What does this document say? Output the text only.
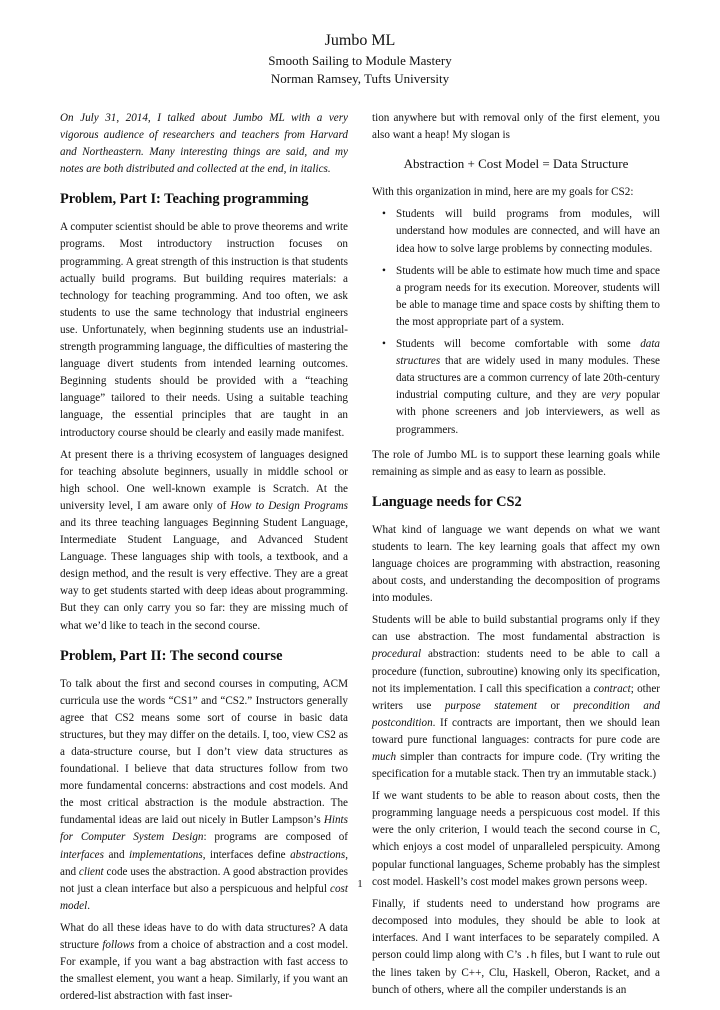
Jumbo ML
Smooth Sailing to Module Mastery
Norman Ramsey, Tufts University

On July 31, 2014, I talked about Jumbo ML with a very vigorous audience of researchers and teachers from Harvard and Northeastern. Many interesting things are said, and my notes are both distributed and collected at the end, in italics.

Problem, Part I: Teaching programming

A computer scientist should be able to prove theorems and write programs. Most introductory instruction focuses on programming. A great strength of this instruction is that students actually build programs. But building requires materials: a technology for teaching programming. And too often, we ask students to use the same technology that industrial engineers use. Unfortunately, when beginning students use an industrial-strength programming language, the difficulties of mastering the language divert students from intended learning outcomes. Beginning students should be provided with a “teaching language” tailored to their needs. Using a suitable teaching language, the essential principles that are taught in an introductory course should be clearly and easily made manifest.

At present there is a thriving ecosystem of languages designed for teaching absolute beginners, usually in middle school or high school. One well-known example is Scratch. At the university level, I am aware only of How to Design Programs and its three teaching languages Beginning Student Language, Intermediate Student Language, and Advanced Student Language. These languages ship with tools, a textbook, and a design method, and the result is very effective. They are a great way to get students started with deep ideas about programming. But they can only carry you so far: they are missing much of what we’d like to teach in the second course.

Problem, Part II: The second course

To talk about the first and second courses in computing, ACM curricula use the words “CS1” and “CS2.” Instructors generally agree that CS2 means some sort of course in basic data structures, but they may differ on the details. I, too, view CS2 as a data-structure course, but I don’t view data structures as foundational. I believe that data structures follow from two more fundamental concerns: abstractions and cost models. And the most critical abstraction is the module abstraction. The fundamental ideas are laid out nicely in Butler Lampson’s Hints for Computer System Design: programs are composed of interfaces and implementations, interfaces define abstractions, and client code uses the abstraction. A good abstraction provides not just a clean interface but also a perspicuous and helpful cost model.

What do all these ideas have to do with data structures? A data structure follows from a choice of abstraction and a cost model. For example, if you want a bag abstraction with fast access to the smallest element, you want a heap. Similarly, if you want an ordered-list abstraction with fast inser-

tion anywhere but with removal only of the first element, you also want a heap! My slogan is

Abstraction + Cost Model = Data Structure

With this organization in mind, here are my goals for CS2:

• Students will build programs from modules, will understand how modules are connected, and will have an idea how to solve large problems by connecting modules.
• Students will be able to estimate how much time and space a program needs for its execution. Moreover, students will be able to manage time and space costs by shifting them to the most appropriate part of a system.
• Students will become comfortable with some data structures that are widely used in many modules. These data structures are a common currency of late 20th-century industrial computing culture, and they are very popular with phone screeners and job interviewers, as well as programmers.

The role of Jumbo ML is to support these learning goals while remaining as simple and as easy to learn as possible.

Language needs for CS2

What kind of language we want depends on what we want students to learn. The key learning goals that affect my own language choices are programming with abstraction, reasoning about costs, and understanding the decomposition of programs into modules.

Students will be able to build substantial programs only if they can use abstraction. The most fundamental abstraction is procedural abstraction: students need to be able to call a procedure (function, subroutine) knowing only its specification, not its implementation. I call this specification a contract; other writers use purpose statement or precondition and postcondition. If contracts are important, then we should lean toward pure functional languages: contracts for pure code are much simpler than contracts for impure code. (Try writing the specification for a mutable stack. Then try an immutable stack.)

If we want students to be able to reason about costs, then the programming language needs a perspicuous cost model. If this were the only criterion, I would teach the second course in C, which enjoys a cost model of unparalleled perspicuity. Among popular functional languages, Scheme probably has the simplest cost model. Haskell’s cost model makes grown persons weep.

Finally, if students need to understand how programs are decomposed into modules, they should be able to look at interfaces. And I want interfaces to be separately compiled. A person could limp along with C’s .h files, but I want to rule out the lines taken by C++, Clu, Haskell, Oberon, Racket, and a bunch of others, where all the compiler understands is an

1
